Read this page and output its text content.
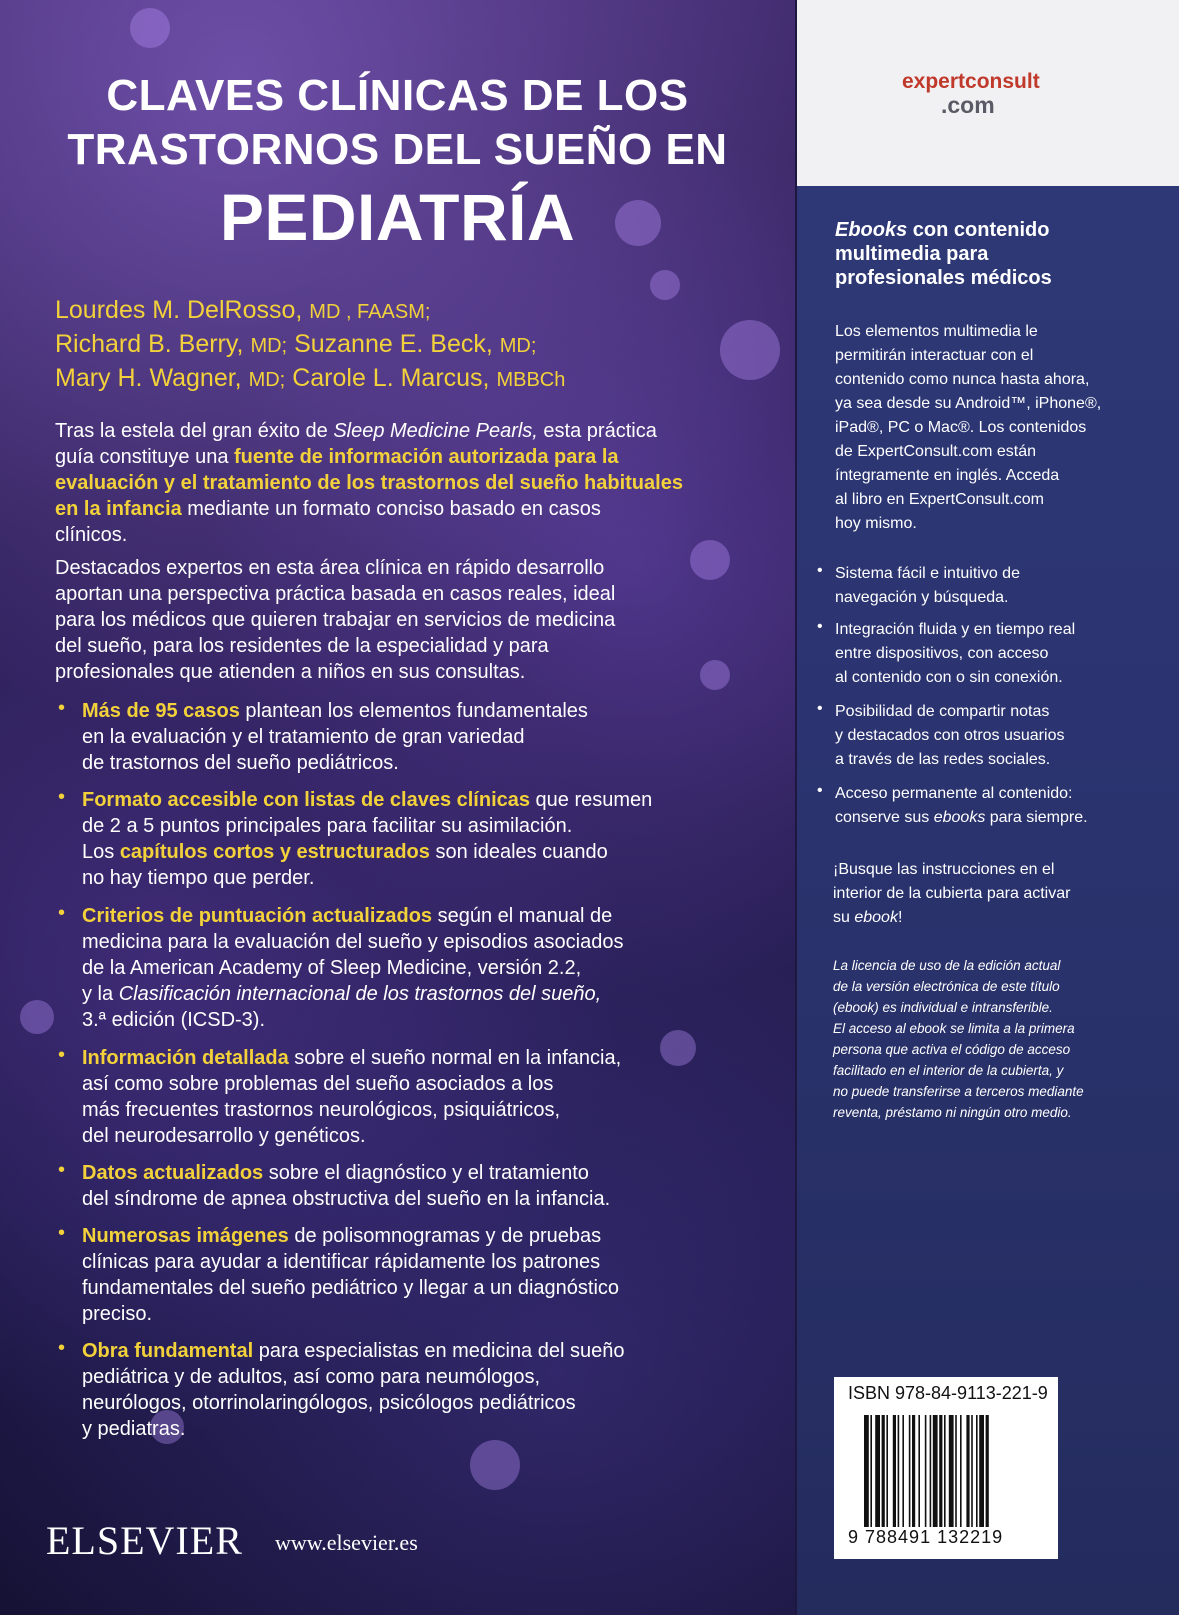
CLAVES CLÍNICAS DE LOS
TRASTORNOS DEL SUEÑO EN
PEDIATRÍA
Lourdes M. DelRosso, MD , FAASM;
Richard B. Berry, MD; Suzanne E. Beck, MD;
Mary H. Wagner, MD; Carole L. Marcus, MBBCh
Tras la estela del gran éxito de Sleep Medicine Pearls, esta práctica
guía constituye una fuente de información autorizada para la
evaluación y el tratamiento de los trastornos del sueño habituales
en la infancia mediante un formato conciso basado en casos
clínicos.
Destacados expertos en esta área clínica en rápido desarrollo
aportan una perspectiva práctica basada en casos reales, ideal
para los médicos que quieren trabajar en servicios de medicina
del sueño, para los residentes de la especialidad y para
profesionales que atienden a niños en sus consultas.
• Más de 95 casos plantean los elementos fundamentales
en la evaluación y el tratamiento de gran variedad
de trastornos del sueño pediátricos.
• Formato accesible con listas de claves clínicas que resumen
de 2 a 5 puntos principales para facilitar su asimilación.
Los capítulos cortos y estructurados son ideales cuando
no hay tiempo que perder.
• Criterios de puntuación actualizados según el manual de
medicina para la evaluación del sueño y episodios asociados
de la American Academy of Sleep Medicine, versión 2.2,
y la Clasificación internacional de los trastornos del sueño,
3.ª edición (ICSD-3).
• Información detallada sobre el sueño normal en la infancia,
así como sobre problemas del sueño asociados a los
más frecuentes trastornos neurológicos, psiquiátricos,
del neurodesarrollo y genéticos.
• Datos actualizados sobre el diagnóstico y el tratamiento
del síndrome de apnea obstructiva del sueño en la infancia.
• Numerosas imágenes de polisomnogramas y de pruebas
clínicas para ayudar a identificar rápidamente los patrones
fundamentales del sueño pediátrico y llegar a un diagnóstico
preciso.
• Obra fundamental para especialistas en medicina del sueño
pediátrica y de adultos, así como para neumólogos,
neurólogos, otorrinolaringólogos, psicólogos pediátricos
y pediatras.
ELSEVIER www.elsevier.es
expertconsult
.com
Ebooks con contenido
multimedia para
profesionales médicos
Los elementos multimedia le
permitirán interactuar con el
contenido como nunca hasta ahora,
ya sea desde su Android™, iPhone®,
iPad®, PC o Mac®. Los contenidos
de ExpertConsult.com están
íntegramente en inglés. Acceda
al libro en ExpertConsult.com
hoy mismo.
• Sistema fácil e intuitivo de
navegación y búsqueda.
• Integración fluida y en tiempo real
entre dispositivos, con acceso
al contenido con o sin conexión.
• Posibilidad de compartir notas
y destacados con otros usuarios
a través de las redes sociales.
• Acceso permanente al contenido:
conserve sus ebooks para siempre.
¡Busque las instrucciones en el
interior de la cubierta para activar
su ebook!
La licencia de uso de la edición actual
de la versión electrónica de este título
(ebook) es individual e intransferible.
El acceso al ebook se limita a la primera
persona que activa el código de acceso
facilitado en el interior de la cubierta, y
no puede transferirse a terceros mediante
reventa, préstamo ni ningún otro medio.
ISBN 978-84-9113-221-9
9 788491 132219
